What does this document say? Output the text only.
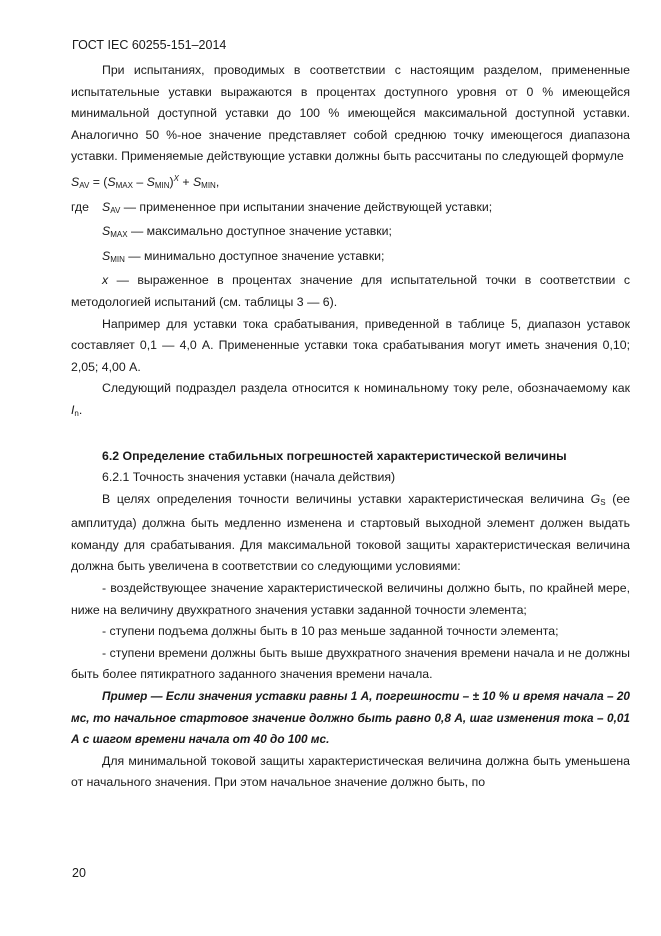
ГОСТ IEC 60255-151–2014

При испытаниях, проводимых в соответствии с настоящим разделом, примененные испытательные уставки выражаются в процентах доступного уровня от 0 % имеющейся минимальной доступной уставки до 100 % имеющейся максимальной доступной уставки. Аналогично 50 %-ное значение представляет собой среднюю точку имеющегося диапазона уставки. Применяемые действующие уставки должны быть рассчитаны по следующей формуле

$S_{AV} = (S_{MAX} - S_{MIN})^X + S_{MIN}$,

где	$S_{AV}$ — примененное при испытании значение действующей уставки;

$S_{MAX}$ — максимально доступное значение уставки;

$S_{MIN}$ — минимально доступное значение уставки;

x — выраженное в процентах значение для испытательной точки в соответствии с методологией испытаний (см. таблицы 3 — 6).

Например для уставки тока срабатывания, приведенной в таблице 5, диапазон уставок составляет 0,1 — 4,0 А. Примененные уставки тока срабатывания могут иметь значения 0,10; 2,05; 4,00 А.

Следующий подраздел раздела относится к номинальному току реле, обозначаемому как $I_n$.

6.2 Определение стабильных погрешностей характеристической величины

6.2.1 Точность значения уставки (начала действия)

В целях определения точности величины уставки характеристическая величина $G_S$ (ее амплитуда) должна быть медленно изменена и стартовый выходной элемент должен выдать команду для срабатывания. Для максимальной токовой защиты характеристическая величина должна быть увеличена в соответствии со следующими условиями:

- воздействующее значение характеристической величины должно быть, по крайней мере, ниже на величину двухкратного значения уставки заданной точности элемента;

- ступени подъема должны быть в 10 раз меньше заданной точности элемента;

- ступени времени должны быть выше двухкратного значения времени начала и не должны быть более пятикратного заданного значения времени начала.

Пример — Если значения уставки равны 1 А, погрешности – ± 10 % и время начала – 20 мс, то начальное стартовое значение должно быть равно 0,8 А, шаг изменения тока – 0,01 А с шагом времени начала от 40 до 100 мс.

Для минимальной токовой защиты характеристическая величина должна быть уменьшена от начального значения. При этом начальное значение должно быть, по

20
